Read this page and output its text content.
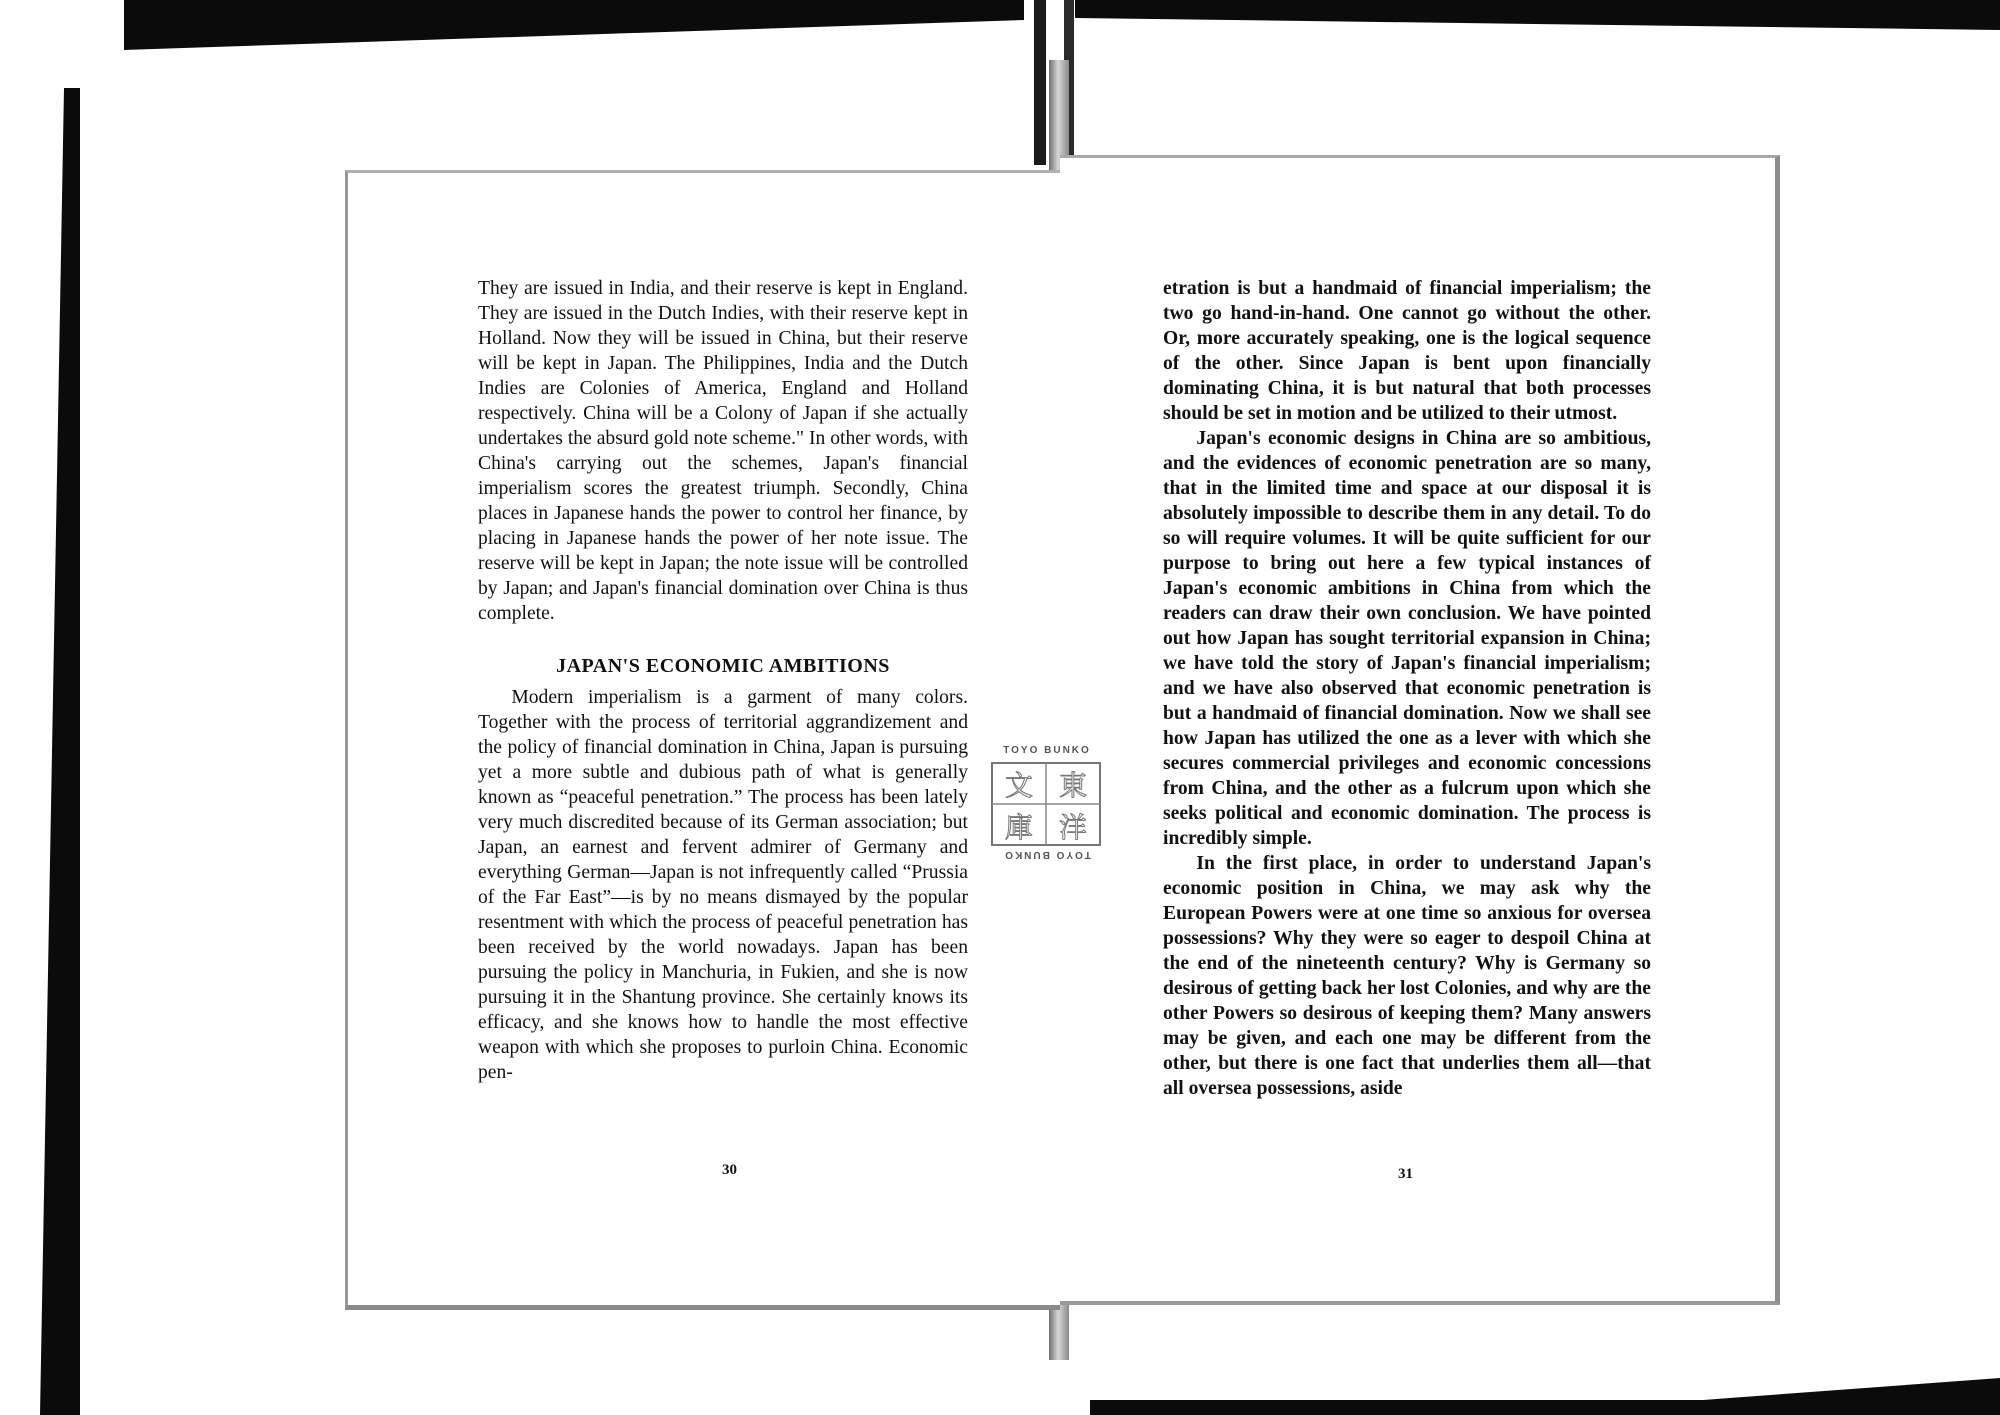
They are issued in India, and their reserve is kept in England. They are issued in the Dutch Indies, with their reserve kept in Holland. Now they will be issued in China, but their reserve will be kept in Japan. The Philippines, India and the Dutch Indies are Colonies of America, England and Holland respectively. China will be a Colony of Japan if she actually undertakes the absurd gold note scheme." In other words, with China's carrying out the schemes, Japan's financial imperialism scores the greatest triumph. Secondly, China places in Japanese hands the power to control her finance, by placing in Japanese hands the power of her note issue. The reserve will be kept in Japan; the note issue will be controlled by Japan; and Japan's financial domination over China is thus complete.

JAPAN'S ECONOMIC AMBITIONS

Modern imperialism is a garment of many colors. Together with the process of territorial aggrandizement and the policy of financial domination in China, Japan is pursuing yet a more subtle and dubious path of what is generally known as “peaceful penetration.” The process has been lately very much discredited because of its German association; but Japan, an earnest and fervent admirer of Germany and everything German—Japan is not infrequently called “Prussia of the Far East”—is by no means dismayed by the popular resentment with which the process of peaceful penetration has been received by the world nowadays. Japan has been pursuing the policy in Manchuria, in Fukien, and she is now pursuing it in the Shantung province. She certainly knows its efficacy, and she knows how to handle the most effective weapon with which she proposes to purloin China. Economic pen-

30

etration is but a handmaid of financial imperialism; the two go hand-in-hand. One cannot go without the other. Or, more accurately speaking, one is the logical sequence of the other. Since Japan is bent upon financially dominating China, it is but natural that both processes should be set in motion and be utilized to their utmost.

Japan's economic designs in China are so ambitious, and the evidences of economic penetration are so many, that in the limited time and space at our disposal it is absolutely impossible to describe them in any detail. To do so will require volumes. It will be quite sufficient for our purpose to bring out here a few typical instances of Japan's economic ambitions in China from which the readers can draw their own conclusion. We have pointed out how Japan has sought territorial expansion in China; we have told the story of Japan's financial imperialism; and we have also observed that economic penetration is but a handmaid of financial domination. Now we shall see how Japan has utilized the one as a lever with which she secures commercial privileges and economic concessions from China, and the other as a fulcrum upon which she seeks political and economic domination. The process is incredibly simple.

In the first place, in order to understand Japan's economic position in China, we may ask why the European Powers were at one time so anxious for oversea possessions? Why they were so eager to despoil China at the end of the nineteenth century? Why is Germany so desirous of getting back her lost Colonies, and why are the other Powers so desirous of keeping them? Many answers may be given, and each one may be different from the other, but there is one fact that underlies them all—that all oversea possessions, aside

31
TOYO BUNKO
東
洋
文
庫
TOYO BUNKO
